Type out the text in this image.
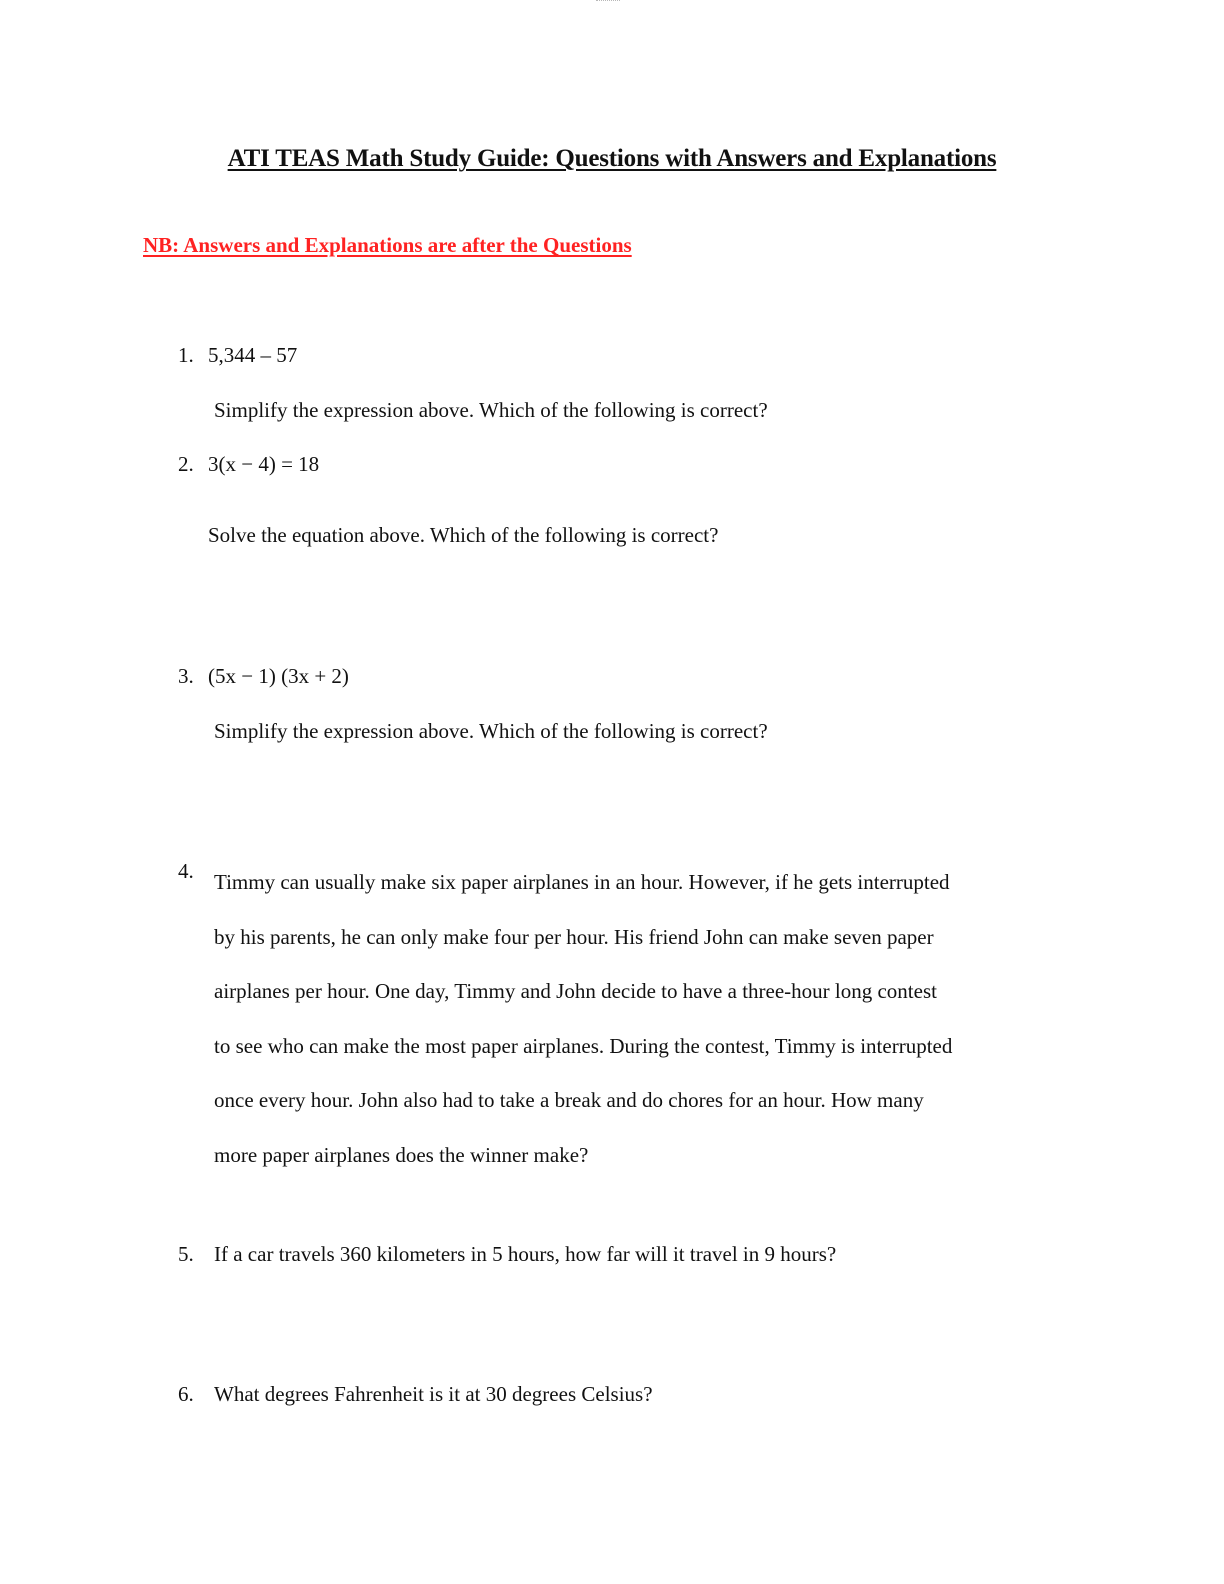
ATI TEAS Math Study Guide: Questions with Answers and Explanations
NB: Answers and Explanations are after the Questions
1. 5,344 – 57
Simplify the expression above. Which of the following is correct?
2. 3(x − 4) = 18
Solve the equation above. Which of the following is correct?
3. (5x − 1) (3x + 2)
Simplify the expression above. Which of the following is correct?
4. Timmy can usually make six paper airplanes in an hour. However, if he gets interrupted
by his parents, he can only make four per hour. His friend John can make seven paper
airplanes per hour. One day, Timmy and John decide to have a three-hour long contest
to see who can make the most paper airplanes. During the contest, Timmy is interrupted
once every hour. John also had to take a break and do chores for an hour. How many
more paper airplanes does the winner make?
5. If a car travels 360 kilometers in 5 hours, how far will it travel in 9 hours?
6. What degrees Fahrenheit is it at 30 degrees Celsius?
